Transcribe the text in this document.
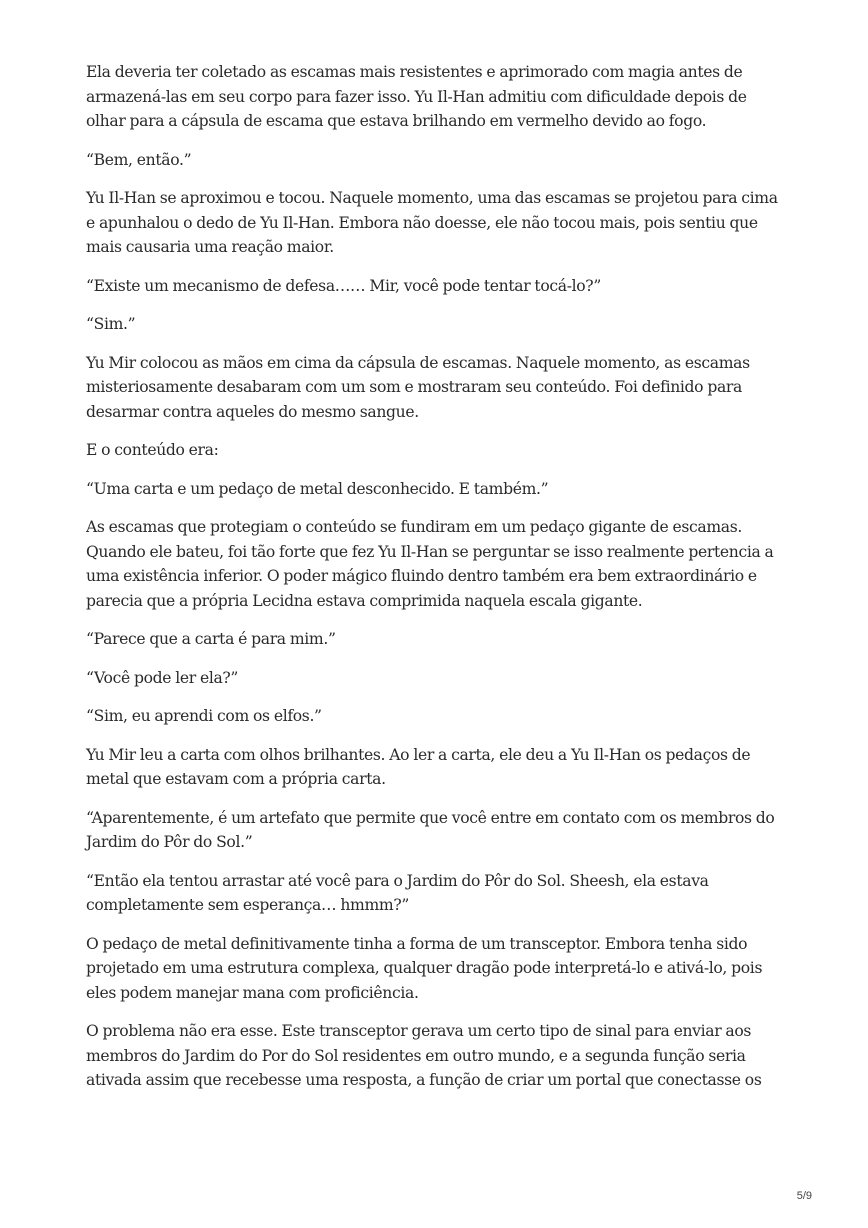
Ela deveria ter coletado as escamas mais resistentes e aprimorado com magia antes de armazená-las em seu corpo para fazer isso. Yu Il-Han admitiu com dificuldade depois de olhar para a cápsula de escama que estava brilhando em vermelho devido ao fogo.

“Bem, então.”

Yu Il-Han se aproximou e tocou. Naquele momento, uma das escamas se projetou para cima e apunhalou o dedo de Yu Il-Han. Embora não doesse, ele não tocou mais, pois sentiu que mais causaria uma reação maior.

“Existe um mecanismo de defesa…… Mir, você pode tentar tocá-lo?”

“Sim.”

Yu Mir colocou as mãos em cima da cápsula de escamas. Naquele momento, as escamas misteriosamente desabaram com um som e mostraram seu conteúdo. Foi definido para desarmar contra aqueles do mesmo sangue.

E o conteúdo era:

“Uma carta e um pedaço de metal desconhecido. E também.”

As escamas que protegiam o conteúdo se fundiram em um pedaço gigante de escamas. Quando ele bateu, foi tão forte que fez Yu Il-Han se perguntar se isso realmente pertencia a uma existência inferior. O poder mágico fluindo dentro também era bem extraordinário e parecia que a própria Lecidna estava comprimida naquela escala gigante.

“Parece que a carta é para mim.”

“Você pode ler ela?”

“Sim, eu aprendi com os elfos.”

Yu Mir leu a carta com olhos brilhantes. Ao ler a carta, ele deu a Yu Il-Han os pedaços de metal que estavam com a própria carta.

“Aparentemente, é um artefato que permite que você entre em contato com os membros do Jardim do Pôr do Sol.”

“Então ela tentou arrastar até você para o Jardim do Pôr do Sol. Sheesh, ela estava completamente sem esperança… hmmm?”

O pedaço de metal definitivamente tinha a forma de um transceptor. Embora tenha sido projetado em uma estrutura complexa, qualquer dragão pode interpretá-lo e ativá-lo, pois eles podem manejar mana com proficiência.

O problema não era esse. Este transceptor gerava um certo tipo de sinal para enviar aos membros do Jardim do Por do Sol residentes em outro mundo, e a segunda função seria ativada assim que recebesse uma resposta, a função de criar um portal que conectasse os

5/9
